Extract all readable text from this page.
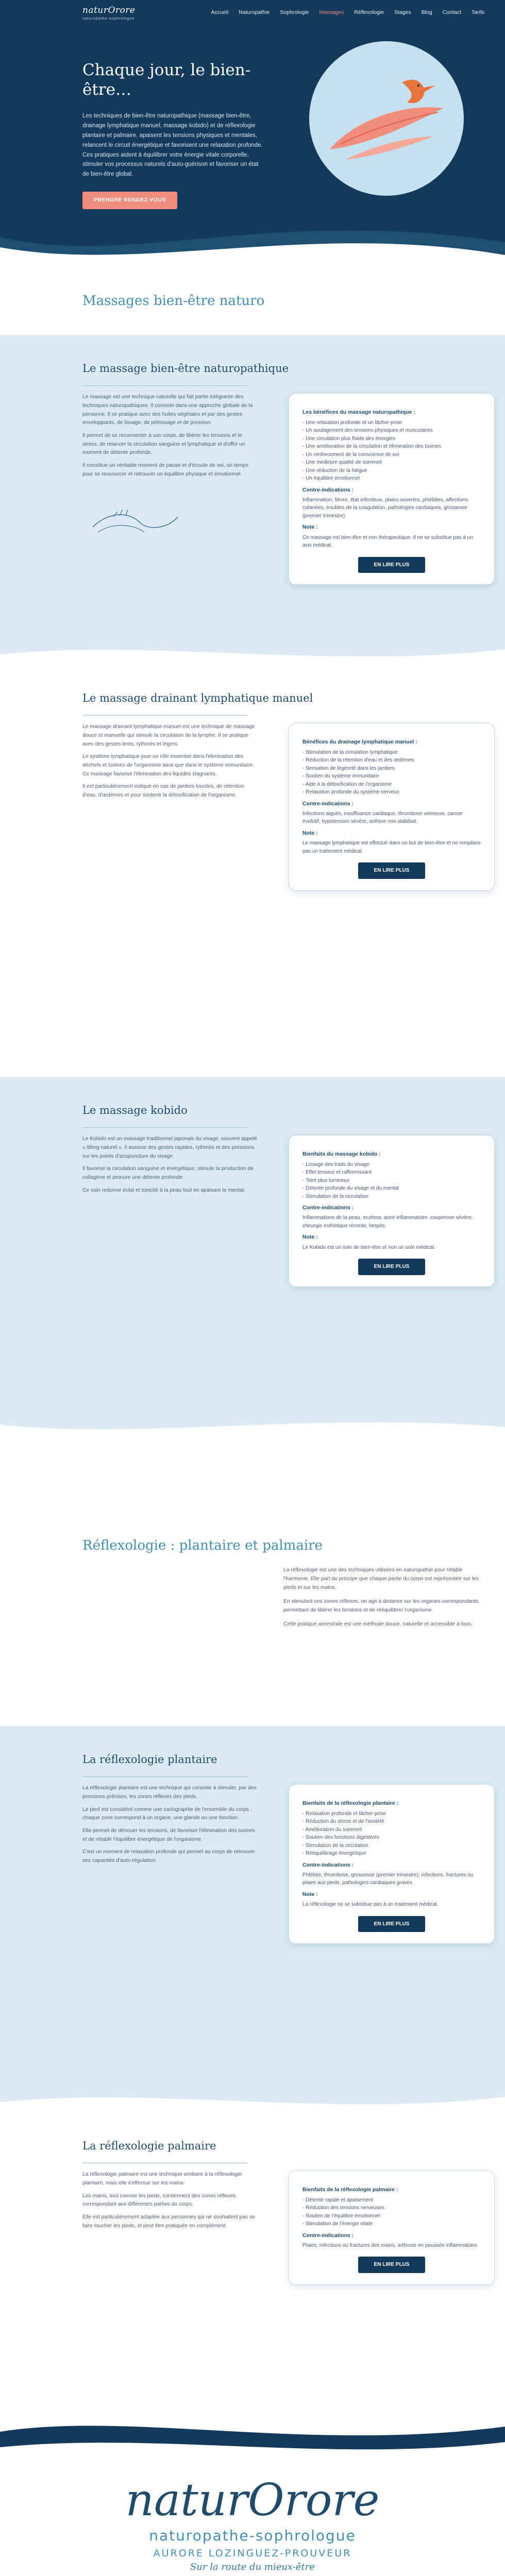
naturOrore
naturopathe-sophrologue
Accueil Naturopathie Sophrologie Massages Réflexologie Stages Blog Contact Tarifs
Chaque jour, le bien-être…

Les techniques de bien-être naturopathique (massage bien-être, drainage lymphatique manuel, massage kobido) et de réflexologie plantaire et palmaire, apaisent les tensions physiques et mentales, relancent le circuit énergétique et favorisent une relaxation profonde. Ces pratiques aident à équilibrer votre énergie vitale corporelle, stimuler vos processus naturels d'auto-guérison et favoriser un état de bien-être global.

PRENDRE RENDEZ-VOUS
Massages bien-être naturo
Le massage bien-être naturopathique

Le massage est une technique naturelle qui fait partie intégrante des techniques naturopathiques. Il consiste dans une approche globale de la personne. Il se pratique avec des huiles végétales et par des gestes enveloppants, de lissage, de pétrissage et de pression.

Il permet de se reconnecter à son corps, de libérer les tensions et le stress, de relancer la circulation sanguine et lymphatique et d'offrir un moment de détente profonde.

Il constitue un véritable moment de pause et d'écoute de soi, un temps pour se ressourcer et retrouver un équilibre physique et émotionnel.

Les bénéfices du massage naturopathique :
- Une relaxation profonde et un lâcher-prise
- Un soulagement des tensions physiques et musculaires
- Une circulation plus fluide des énergies
- Une amélioration de la circulation et élimination des toxines
- Un renforcement de la conscience de soi
- Une meilleure qualité de sommeil
- Une réduction de la fatigue
- Un équilibre émotionnel
Contre-indications :

Inflammation, fièvre, état infectieux, plaies ouvertes, phlébites, affections cutanées, troubles de la coagulation, pathologies cardiaques, grossesse (premier trimestre).

Note :

Ce massage est bien-être et non thérapeutique. Il ne se substitue pas à un avis médical.

EN LIRE PLUS
Le massage drainant lymphatique manuel

Le massage drainant lymphatique manuel est une technique de massage douce et manuelle qui stimule la circulation de la lymphe. Il se pratique avec des gestes lents, rythmés et légers.

Le système lymphatique joue un rôle essentiel dans l'élimination des déchets et toxines de l'organisme ainsi que dans le système immunitaire. Ce massage favorise l'élimination des liquides stagnants.

Il est particulièrement indiqué en cas de jambes lourdes, de rétention d'eau, d'œdèmes et pour soutenir la détoxification de l'organisme.

Bénéfices du drainage lymphatique manuel :
- Stimulation de la circulation lymphatique
- Réduction de la rétention d'eau et des œdèmes
- Sensation de légèreté dans les jambes
- Soutien du système immunitaire
- Aide à la détoxification de l'organisme
- Relaxation profonde du système nerveux
Contre-indications :

Infections aiguës, insuffisance cardiaque, thrombose veineuse, cancer évolutif, hypotension sévère, asthme non stabilisé.

Note :

Le massage lymphatique est effectué dans un but de bien-être et ne remplace pas un traitement médical.

EN LIRE PLUS
Le massage kobido

Le Kobido est un massage traditionnel japonais du visage, souvent appelé « lifting naturel ». Il associe des gestes rapides, rythmés et des pressions sur les points d'acupuncture du visage.

Il favorise la circulation sanguine et énergétique, stimule la production de collagène et procure une détente profonde.

Ce soin redonne éclat et tonicité à la peau tout en apaisant le mental.

Bienfaits du massage kobido :
- Lissage des traits du visage
- Effet tenseur et raffermissant
- Teint plus lumineux
- Détente profonde du visage et du mental
- Stimulation de la circulation
Contre-indications :

Inflammations de la peau, eczéma, acné inflammatoire, couperose sévère, chirurgie esthétique récente, herpès.

Note :

Le Kobido est un soin de bien-être et non un soin médical.

EN LIRE PLUS
Réflexologie : plantaire et palmaire

La réflexologie est une des techniques utilisées en naturopathie pour rétablir l'harmonie. Elle part du principe que chaque partie du corps est représentée sur les pieds et sur les mains.

En stimulant ces zones réflexes, on agit à distance sur les organes correspondants, permettant de libérer les tensions et de rééquilibrer l'organisme.

Cette pratique ancestrale est une méthode douce, naturelle et accessible à tous.

La réflexologie plantaire

La réflexologie plantaire est une technique qui consiste à stimuler, par des pressions précises, les zones réflexes des pieds.

Le pied est considéré comme une cartographie de l'ensemble du corps : chaque zone correspond à un organe, une glande ou une fonction.

Elle permet de dénouer les tensions, de favoriser l'élimination des toxines et de rétablir l'équilibre énergétique de l'organisme.

C'est un moment de relaxation profonde qui permet au corps de retrouver ses capacités d'auto-régulation.

Bienfaits de la réflexologie plantaire :
- Relaxation profonde et lâcher-prise
- Réduction du stress et de l'anxiété
- Amélioration du sommeil
- Soutien des fonctions digestives
- Stimulation de la circulation
- Rééquilibrage énergétique
Contre-indications :

Phlébite, thrombose, grossesse (premier trimestre), infections, fractures ou plaies aux pieds, pathologies cardiaques graves.

Note :

La réflexologie ne se substitue pas à un traitement médical.

EN LIRE PLUS
La réflexologie palmaire

La réflexologie palmaire est une technique similaire à la réflexologie plantaire, mais elle s'effectue sur les mains.

Les mains, tout comme les pieds, contiennent des zones réflexes correspondant aux différentes parties du corps.

Elle est particulièrement adaptée aux personnes qui ne souhaitent pas se faire toucher les pieds, et peut être pratiquée en complément.

Bienfaits de la réflexologie palmaire :
- Détente rapide et apaisement
- Réduction des tensions nerveuses
- Soutien de l'équilibre émotionnel
- Stimulation de l'énergie vitale
Contre-indications :

Plaies, infections ou fractures des mains, arthrose en poussée inflammatoire.

EN LIRE PLUS
naturOrore
naturopathe-sophrologue
AURORE LOZINGUEZ-PROUVEUR
Sur la route du mieux-être
